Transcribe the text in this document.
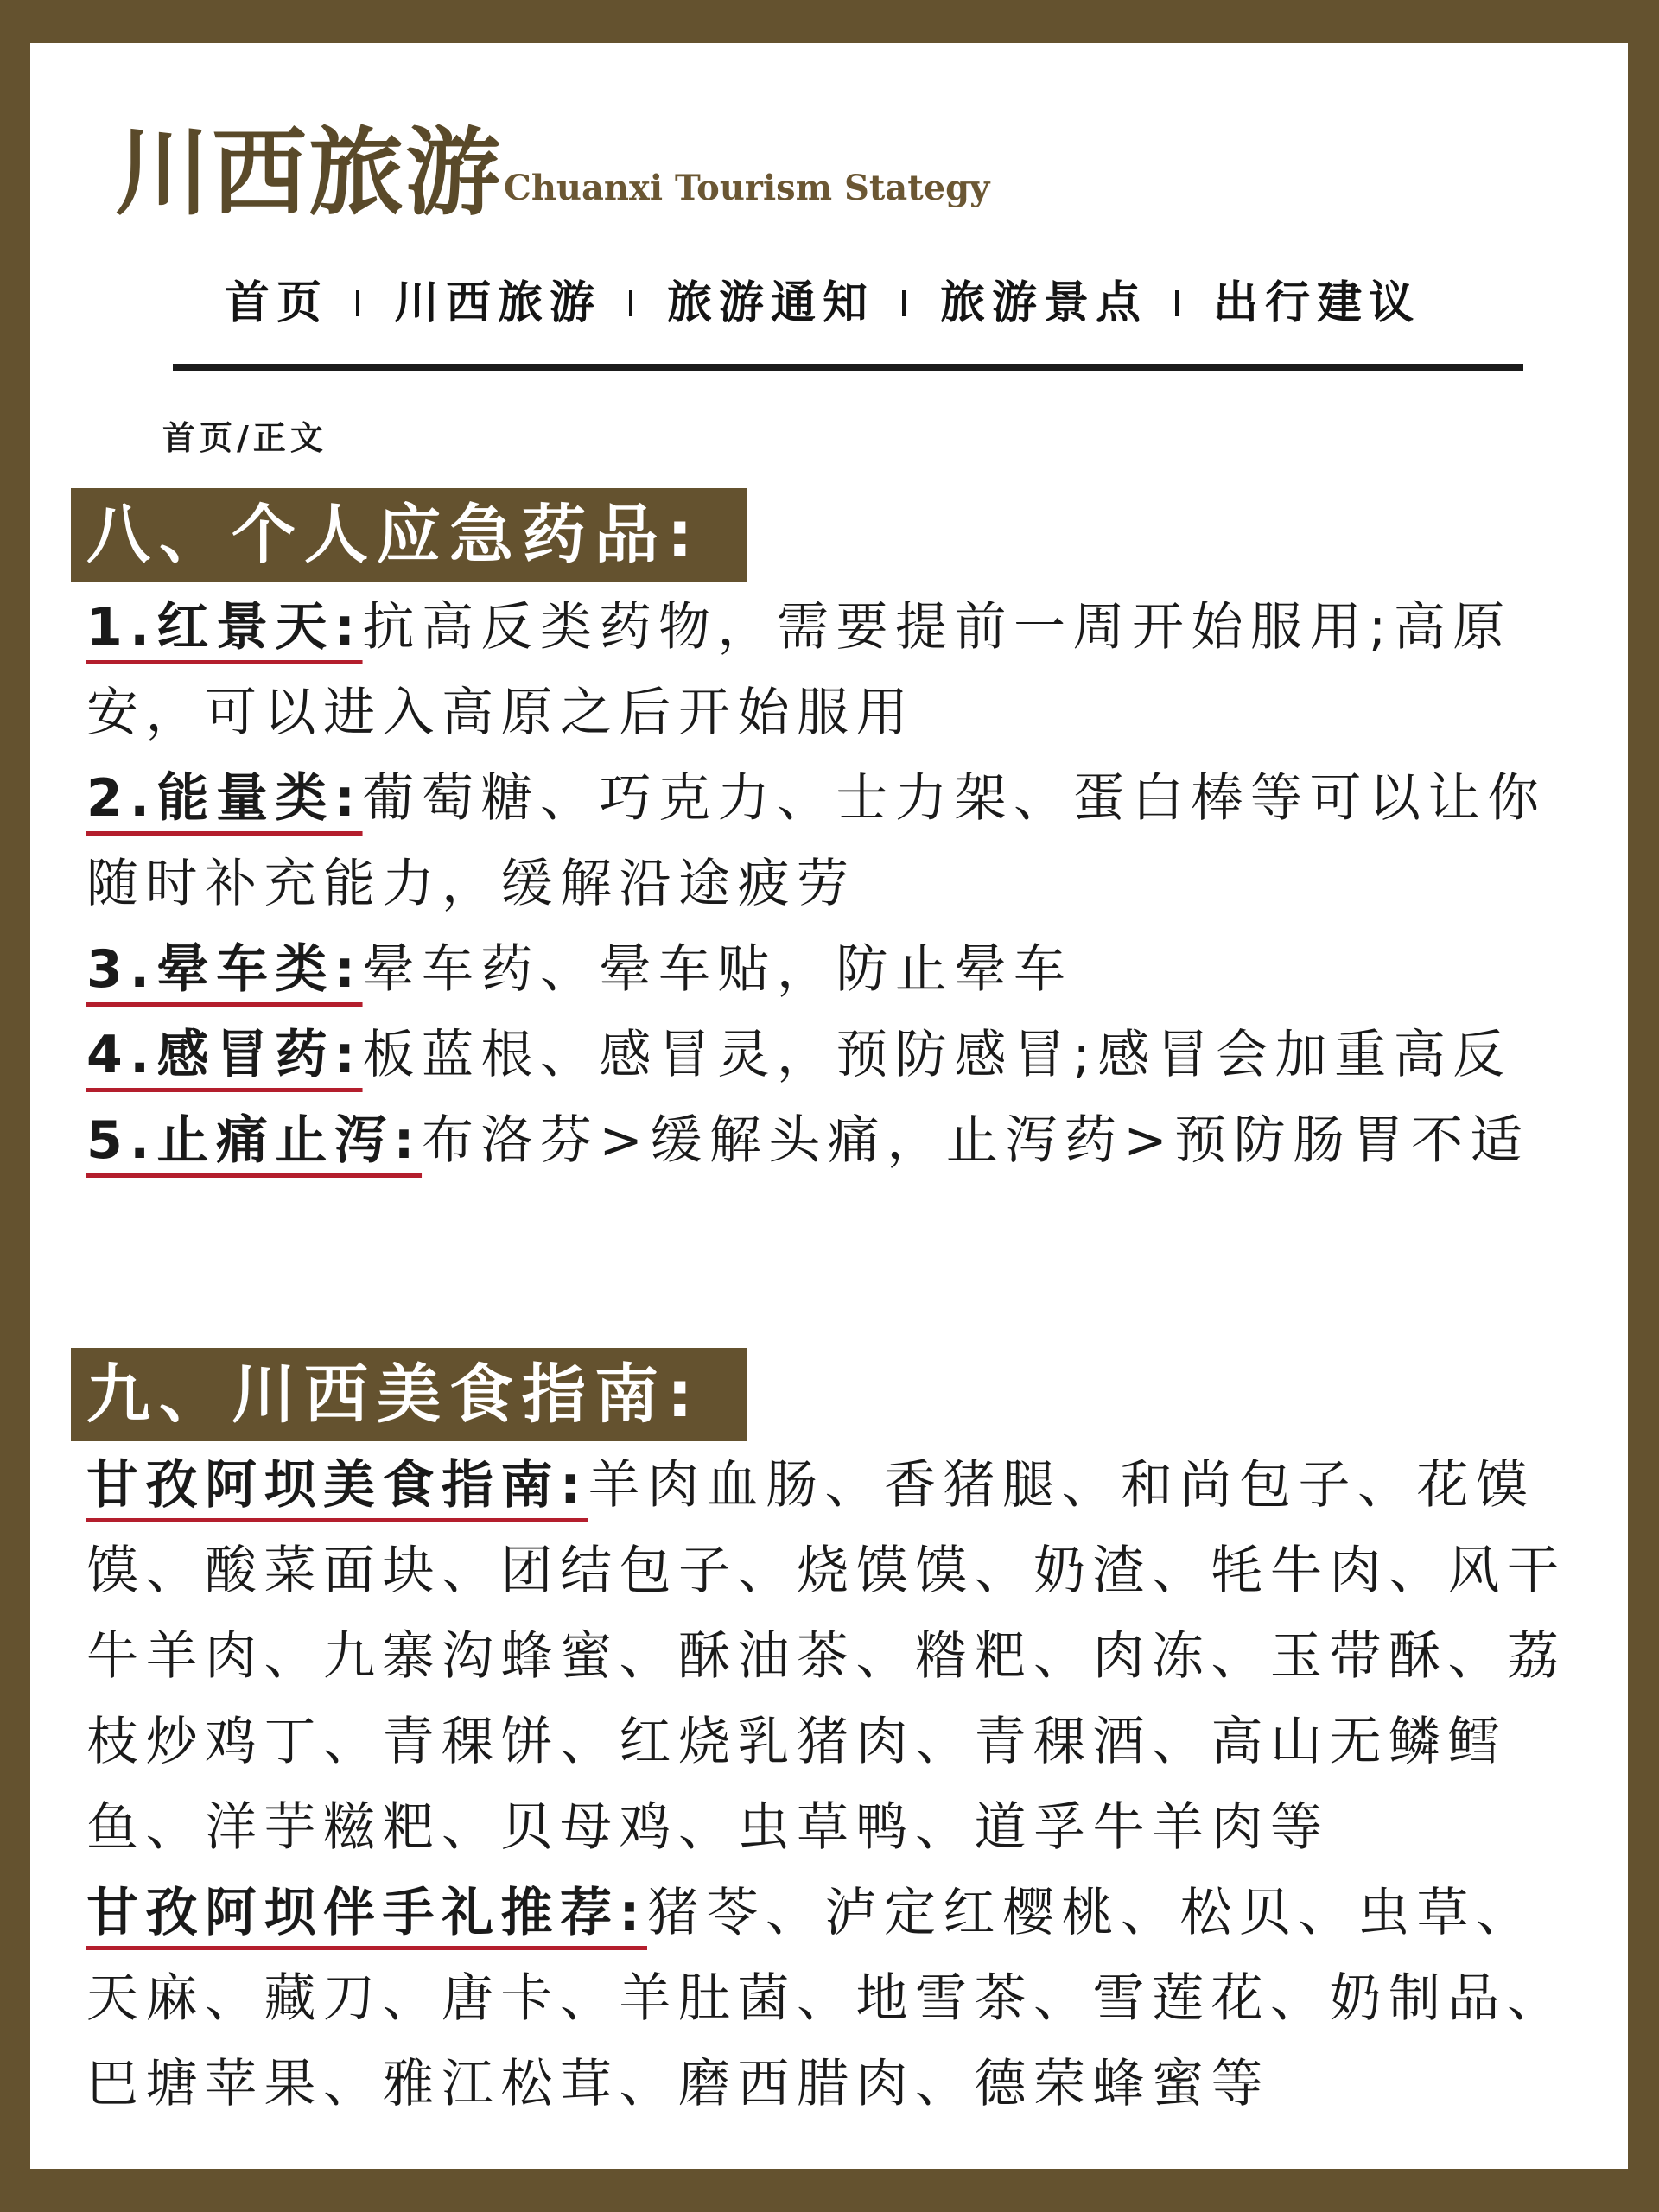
川西旅游 Chuanxi Tourism Stategy
首页 川西旅游 旅游通知 旅游景点 出行建议
首页/正文
八、个人应急药品:

1.红景天:抗高反类药物，需要提前一周开始服用;高原安，可以进入高原之后开始服用

2.能量类:葡萄糖、巧克力、士力架、蛋白棒等可以让你随时补充能力，缓解沿途疲劳

3.晕车类:晕车药、晕车贴，防止晕车

4.感冒药:板蓝根、感冒灵，预防感冒;感冒会加重高反

5.止痛止泻:布洛芬>缓解头痛，止泻药>预防肠胃不适

九、川西美食指南:

甘孜阿坝美食指南:羊肉血肠、香猪腿、和尚包子、花馍馍、酸菜面块、团结包子、烧馍馍、奶渣、牦牛肉、风干牛羊肉、九寨沟蜂蜜、酥油茶、糌粑、肉冻、玉带酥、荔枝炒鸡丁、青稞饼、红烧乳猪肉、青稞酒、高山无鳞鳕鱼、洋芋糍粑、贝母鸡、虫草鸭、道孚牛羊肉等

甘孜阿坝伴手礼推荐:猪苓、泸定红樱桃、松贝、虫草、天麻、藏刀、唐卡、羊肚菌、地雪茶、雪莲花、奶制品、巴塘苹果、雅江松茸、磨西腊肉、德荣蜂蜜等
